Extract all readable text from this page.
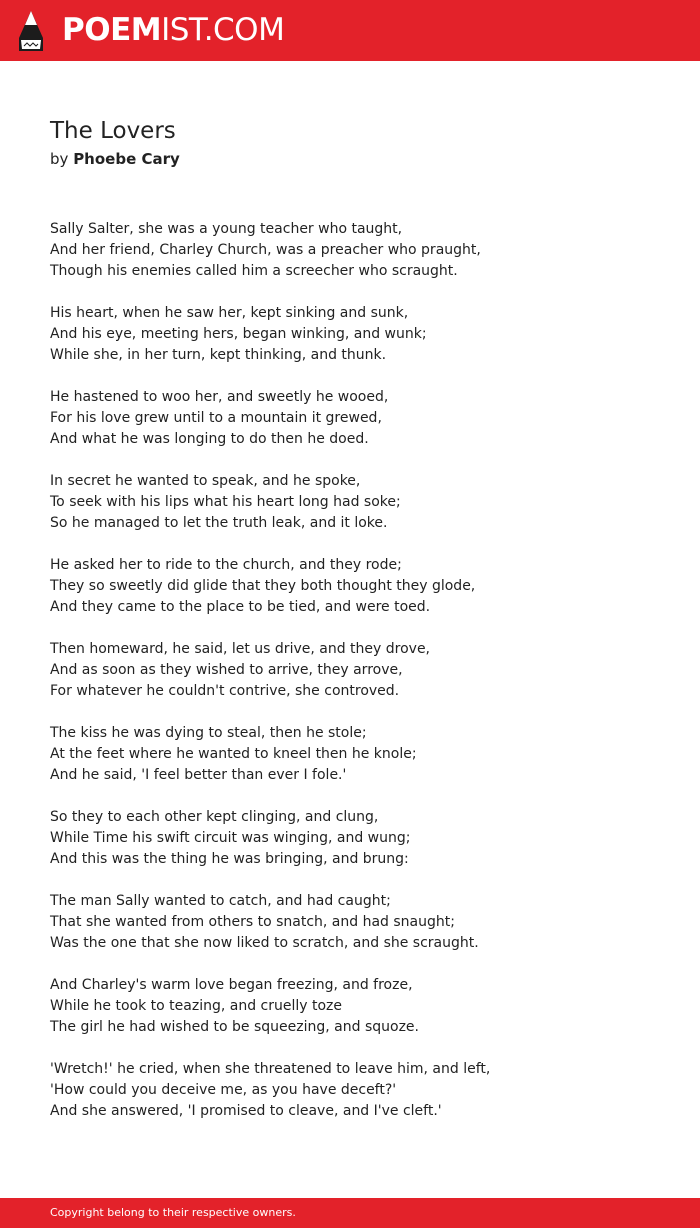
POEMIST.COM
The Lovers
by Phoebe Cary
Sally Salter, she was a young teacher who taught,
And her friend, Charley Church, was a preacher who praught,
Though his enemies called him a screecher who scraught.
His heart, when he saw her, kept sinking and sunk,
And his eye, meeting hers, began winking, and wunk;
While she, in her turn, kept thinking, and thunk.
He hastened to woo her, and sweetly he wooed,
For his love grew until to a mountain it grewed,
And what he was longing to do then he doed.
In secret he wanted to speak, and he spoke,
To seek with his lips what his heart long had soke;
So he managed to let the truth leak, and it loke.
He asked her to ride to the church, and they rode;
They so sweetly did glide that they both thought they glode,
And they came to the place to be tied, and were toed.
Then homeward, he said, let us drive, and they drove,
And as soon as they wished to arrive, they arrove,
For whatever he couldn't contrive, she controved.
The kiss he was dying to steal, then he stole;
At the feet where he wanted to kneel then he knole;
And he said, 'I feel better than ever I fole.'
So they to each other kept clinging, and clung,
While Time his swift circuit was winging, and wung;
And this was the thing he was bringing, and brung:
The man Sally wanted to catch, and had caught;
That she wanted from others to snatch, and had snaught;
Was the one that she now liked to scratch, and she scraught.
And Charley's warm love began freezing, and froze,
While he took to teazing, and cruelly toze
The girl he had wished to be squeezing, and squoze.
'Wretch!' he cried, when she threatened to leave him, and left,
'How could you deceive me, as you have deceft?'
And she answered, 'I promised to cleave, and I've cleft.'
Copyright belong to their respective owners.
